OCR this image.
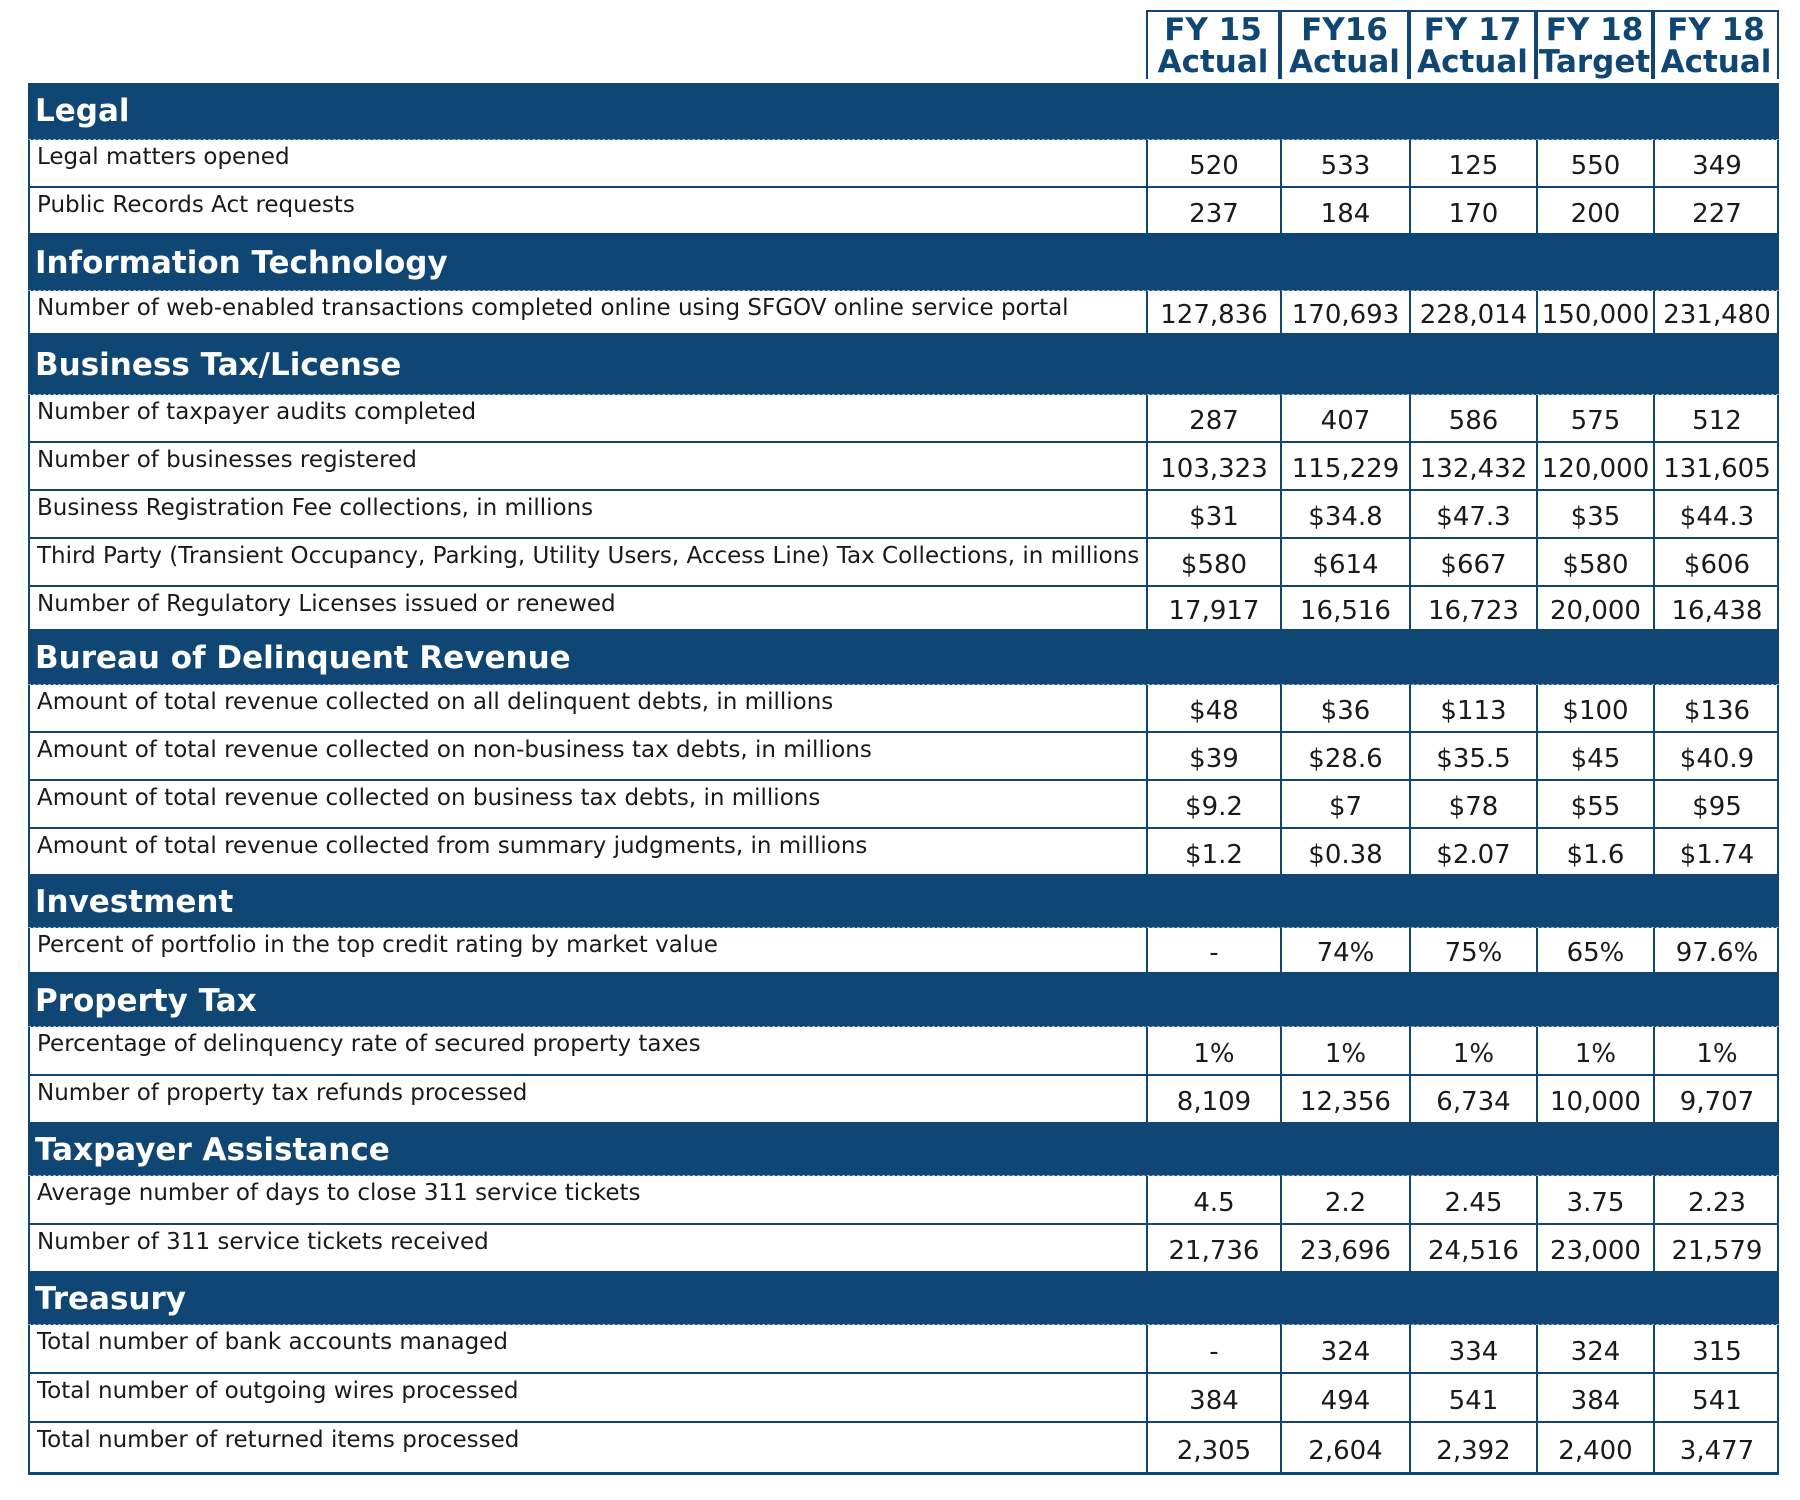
FY 15
Actual
FY16
Actual
FY 17
Actual
FY 18
Target
FY 18
Actual
Legal
Legal matters opened	520	533	125	550	349
Public Records Act requests	237	184	170	200	227
Information Technology
Number of web-enabled transactions completed online using SFGOV online service portal	127,836 170,693 228,014 150,000 231,480
Business Tax/License
Number of taxpayer audits completed	287	407	586	575	512
Number of businesses registered	103,323 115,229 132,432 120,000 131,605
Business Registration Fee collections, in millions	$31	$34.8	$47.3	$35	$44.3
Third Party (Transient Occupancy, Parking, Utility Users, Access Line) Tax Collections, in millions	$580	$614	$667	$580	$606
Number of Regulatory Licenses issued or renewed	17,917	16,516	16,723	20,000	16,438
Bureau of Delinquent Revenue
Amount of total revenue collected on all delinquent debts, in millions	$48	$36	$113	$100	$136
Amount of total revenue collected on non-business tax debts, in millions	$39	$28.6	$35.5	$45	$40.9
Amount of total revenue collected on business tax debts, in millions	$9.2	$7	$78	$55	$95
Amount of total revenue collected from summary judgments, in millions	$1.2	$0.38	$2.07	$1.6	$1.74
Investment
Percent of portfolio in the top credit rating by market value	-	74%	75%	65%	97.6%
Property Tax
Percentage of delinquency rate of secured property taxes	1%	1%	1%	1%	1%
Number of property tax refunds processed	8,109	12,356	6,734	10,000	9,707
Taxpayer Assistance
Average number of days to close 311 service tickets	4.5	2.2	2.45	3.75	2.23
Number of 311 service tickets received	21,736	23,696	24,516	23,000	21,579
Treasury
Total number of bank accounts managed	-	324	334	324	315
Total number of outgoing wires processed	384	494	541	384	541
Total number of returned items processed	2,305	2,604	2,392	2,400	3,477
